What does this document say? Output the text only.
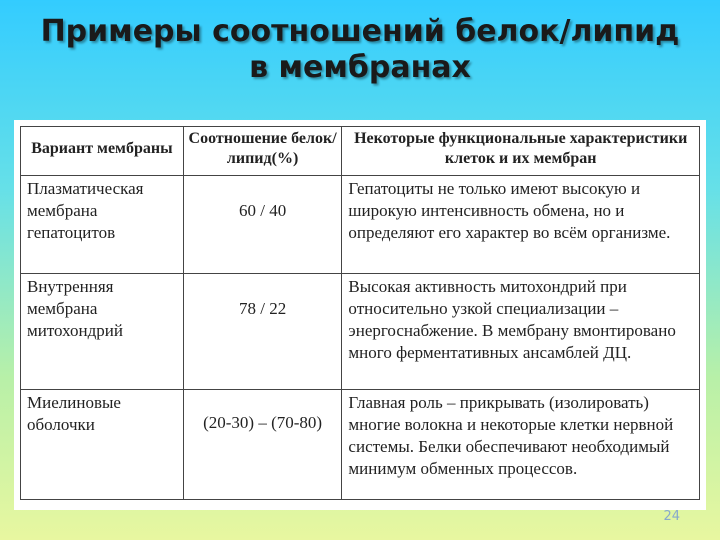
Примеры соотношений белок/липид
в мембранах
Вариант мембраны	Соотношение белок/липид(%)	Некоторые функциональные характеристики клеток и их мембран
Плазматическая мембрана гепатоцитов	60 / 40	Гепатоциты не только имеют высокую и широкую интенсивность обмена, но и определяют его характер во всём организме.
Внутренняя мембрана митохондрий	78 / 22	Высокая активность митохондрий при относительно узкой специализации – энергоснабжение. В мембрану вмонтировано много ферментативных ансамблей ДЦ.
Миелиновые оболочки	(20-30) – (70-80)	Главная роль – прикрывать (изолировать) многие волокна и некоторые клетки нервной системы. Белки обеспечивают необходимый минимум обменных процессов.
24
